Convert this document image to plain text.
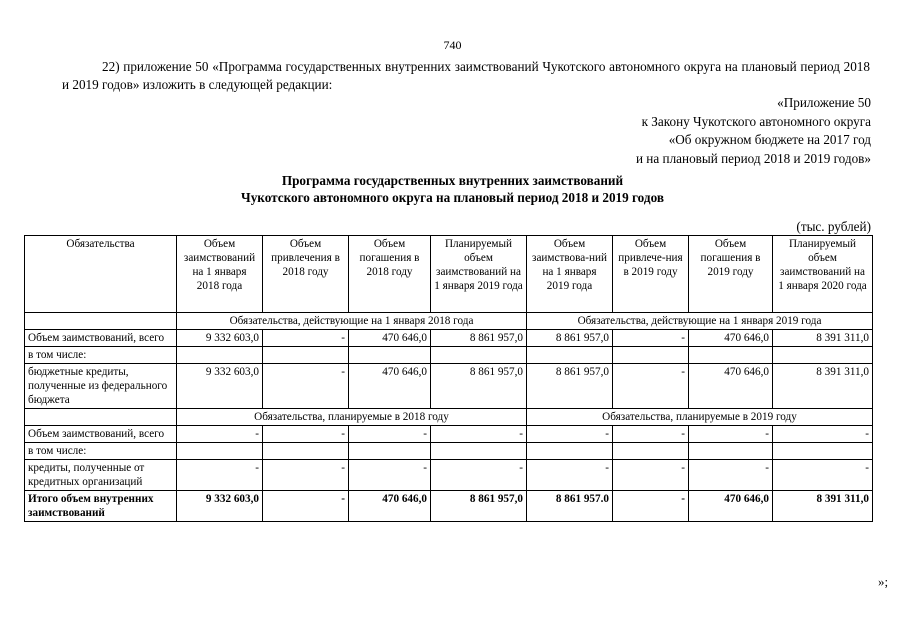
740
22) приложение 50 «Программа государственных внутренних заимствований Чукотского автономного округа на плановый период 2018 и 2019 годов» изложить в следующей редакции:
«Приложение 50
к Закону Чукотского автономного округа
«Об окружном бюджете на 2017 год
и на плановый период 2018 и 2019 годов»
Программа государственных внутренних заимствований
Чукотского автономного округа на плановый период 2018 и 2019 годов
(тыс. рублей)
Обязательства	Объем заимствований на 1 января 2018 года	Объем привлечения в 2018 году	Объем погашения в 2018 году	Планируемый объем заимствований на 1 января 2019 года	Объем заимствова-ний на 1 января 2019 года	Объем привлече-ния в 2019 году	Объем погашения в 2019 году	Планируемый объем заимствований на 1 января 2020 года
	Обязательства, действующие на 1 января 2018 года				Обязательства, действующие на 1 января 2019 года			
Объем заимствований, всего	9 332 603,0	-	470 646,0	8 861 957,0	8 861 957,0	-	470 646,0	8 391 311,0
в том числе:								
бюджетные кредиты, полученные из федерального бюджета	9 332 603,0	-	470 646,0	8 861 957,0	8 861 957,0	-	470 646,0	8 391 311,0
	Обязательства, планируемые в 2018 году				Обязательства, планируемые в 2019 году			
Объем заимствований, всего	-	-	-	-	-	-	-	-
в том числе:								
кредиты, полученные от кредитных организаций	-	-	-	-	-	-	-	-
Итого объем внутренних заимствований	9 332 603,0	-	470 646,0	8 861 957,0	8 861 957.0	-	470 646,0	8 391 311,0
»;
